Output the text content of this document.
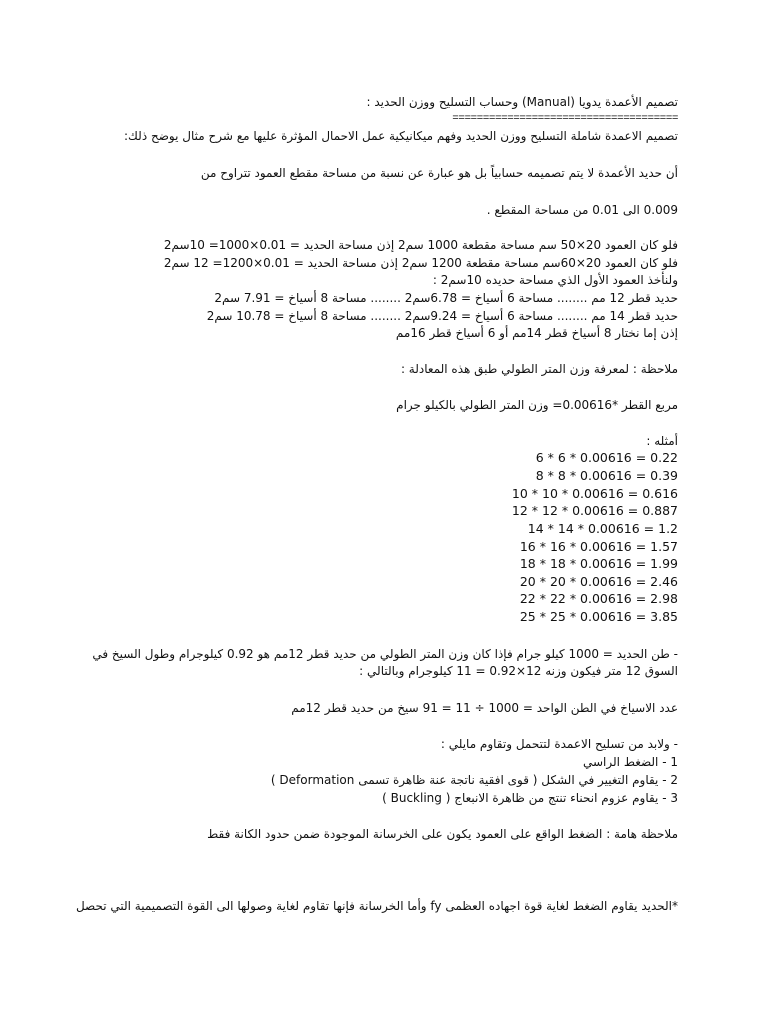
تصميم الأعمدة يدويا (Manual) وحساب التسليح ووزن الحديد :
=====================================
تصميم الاعمدة شاملة التسليح ووزن الحديد وفهم ميكانيكية عمل الاحمال المؤثرة عليها مع شرح مثال يوضح ذلك:
أن حديد الأعمدة لا يتم تصميمه حسابياً بل هو عبارة عن نسبة من مساحة مقطع العمود تتراوح من
0.009 الى 0.01 من مساحة المقطع .
فلو كان العمود 20×50 سم مساحة مقطعة 1000 سم2 إذن مساحة الحديد = 0.01×1000= 10سم2
فلو كان العمود 20×60سم مساحة مقطعة 1200 سم2 إذن مساحة الحديد = 0.01×1200= 12 سم2
ولنأخذ العمود الأول الذي مساحة حديده 10سم2 :
حديد قطر 12 مم ........ مساحة 6 أسياخ = 6.78سم2 ........ مساحة 8 أسياخ = 7.91 سم2
حديد قطر 14 مم ........ مساحة 6 أسياخ = 9.24سم2 ........ مساحة 8 أسياخ = 10.78 سم2
إذن إما نختار 8 أسياخ قطر 14مم أو 6 أسياخ قطر 16مم
ملاحظة : لمعرفة وزن المتر الطولي طبق هذه المعادلة :
مربع القطر *0.00616= وزن المتر الطولي بالكيلو جرام
أمثله :
6 * 6 * 0.00616 = 0.22
8 * 8 * 0.00616 = 0.39
10 * 10 * 0.00616 = 0.616
12 * 12 * 0.00616 = 0.887
14 * 14 * 0.00616 = 1.2
16 * 16 * 0.00616 = 1.57
18 * 18 * 0.00616 = 1.99
20 * 20 * 0.00616 = 2.46
22 * 22 * 0.00616 = 2.98
25 * 25 * 0.00616 = 3.85
- طن الحديد = 1000 كيلو جرام فإذا كان وزن المتر الطولي من حديد قطر 12مم هو 0.92 كيلوجرام وطول السيخ في
السوق 12 متر فيكون وزنه 12×0.92 = 11 كيلوجرام وبالتالي :
عدد الاسياخ في الطن الواحد = 1000 ÷ 11 = 91 سيخ من حديد قطر 12مم
- ولابد من تسليح الاعمدة لتتحمل وتقاوم مايلي :
1 - الضغط الراسي
2 - يقاوم التغيير في الشكل ( قوى افقية ناتجة عنة ظاهرة تسمى Deformation )
3 - يقاوم عزوم انحناء تنتج من ظاهرة الانبعاج ( Buckling )
ملاحظة هامة : الضغط الواقع على العمود يكون على الخرسانة الموجودة ضمن حدود الكانة فقط
*الحديد يقاوم الضغط لغاية قوة اجهاده العظمى fy وأما الخرسانة فإنها تقاوم لغاية وصولها الى القوة التصميمية التي تحصل
